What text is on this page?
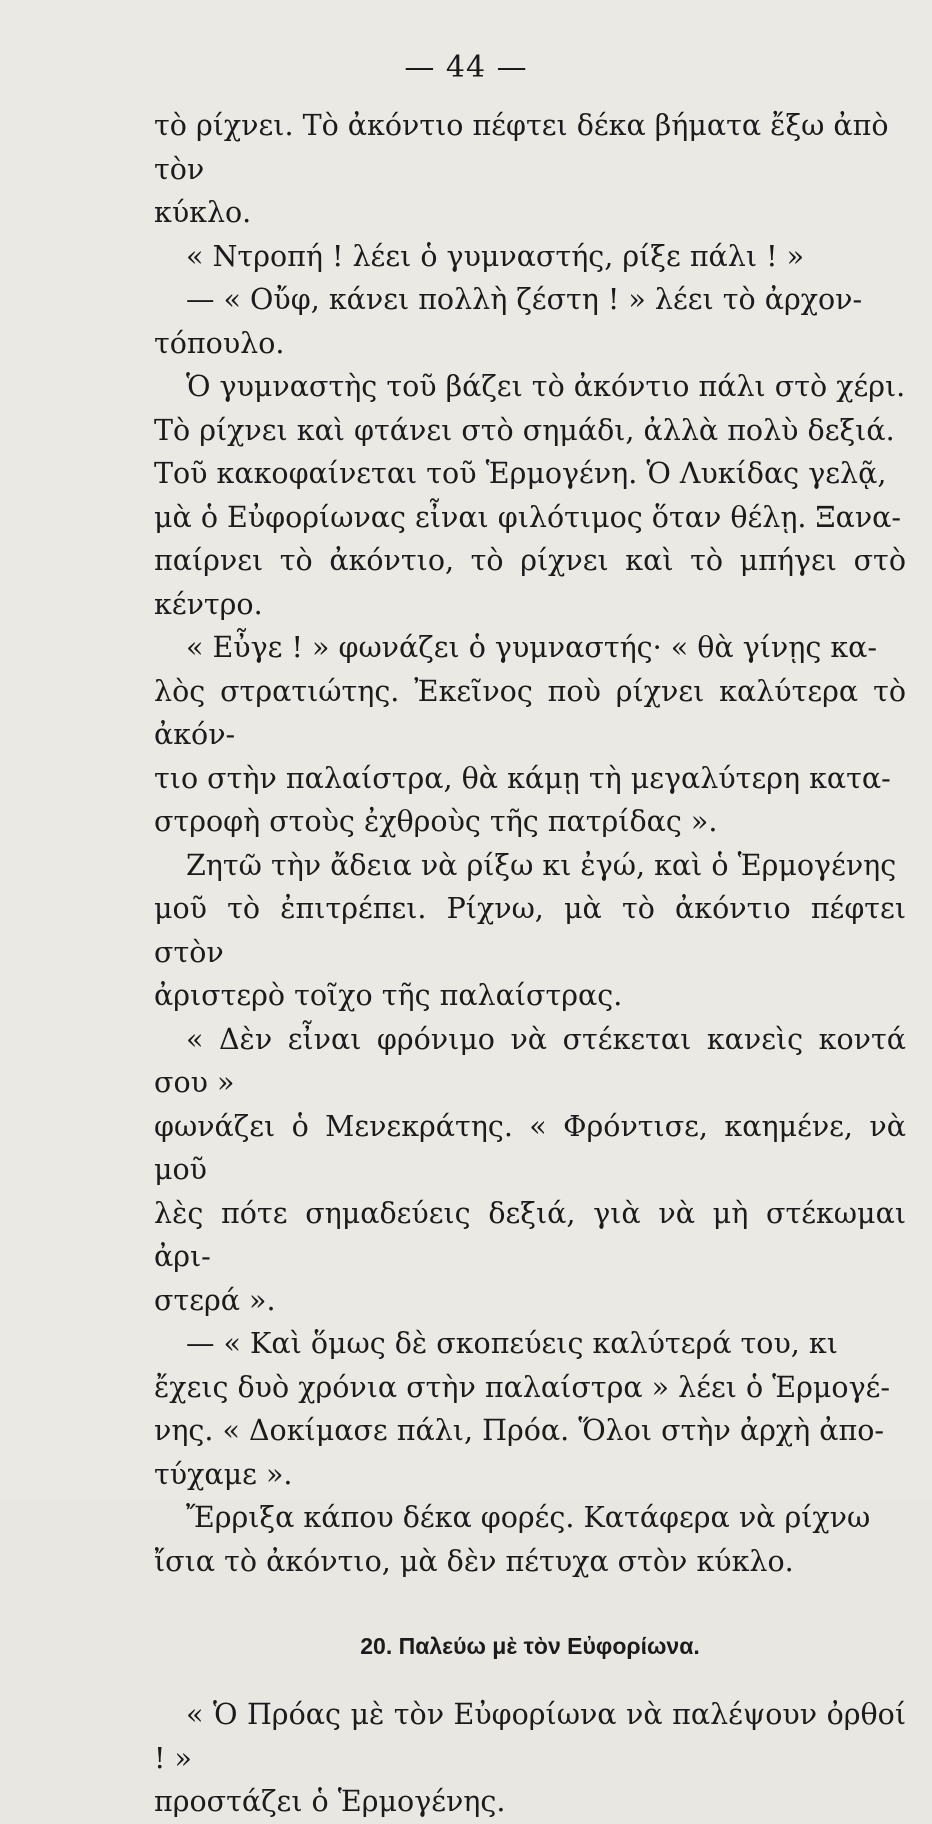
— 44 —

τὸ ρίχνει. Τὸ ἀκόντιο πέφτει δέκα βήματα ἔξω ἀπὸ τὸν

κύκλο.

« Ντροπή ! λέει ὁ γυμναστής, ρίξε πάλι ! »

— « Οὔφ, κάνει πολλὴ ζέστη ! » λέει τὸ ἀρχον-

τόπουλο.

Ὁ γυμναστὴς τοῦ βάζει τὸ ἀκόντιο πάλι στὸ χέρι.

Τὸ ρίχνει καὶ φτάνει στὸ σημάδι, ἀλλὰ πολὺ δεξιά.

Τοῦ κακοφαίνεται τοῦ Ἑρμογένη. Ὁ Λυκίδας γελᾷ,

μὰ ὁ Εὐφορίωνας εἶναι φιλότιμος ὅταν θέλῃ. Ξανα-

παίρνει τὸ ἀκόντιο, τὸ ρίχνει καὶ τὸ μπήγει στὸ κέντρο.

« Εὖγε ! » φωνάζει ὁ γυμναστής· « θὰ γίνῃς κα-

λὸς στρατιώτης. Ἐκεῖνος ποὺ ρίχνει καλύτερα τὸ ἀκόν-

τιο στὴν παλαίστρα, θὰ κάμῃ τὴ μεγαλύτερη κατα-

στροφὴ στοὺς ἐχθροὺς τῆς πατρίδας ».

Ζητῶ τὴν ἄδεια νὰ ρίξω κι ἐγώ, καὶ ὁ Ἑρμογένης

μοῦ τὸ ἐπιτρέπει. Ρίχνω, μὰ τὸ ἀκόντιο πέφτει στὸν

ἀριστερὸ τοῖχο τῆς παλαίστρας.

« Δὲν εἶναι φρόνιμο νὰ στέκεται κανεὶς κοντά σου »

φωνάζει ὁ Μενεκράτης. « Φρόντισε, καημένε, νὰ μοῦ

λὲς πότε σημαδεύεις δεξιά, γιὰ νὰ μὴ στέκωμαι ἀρι-

στερά ».

— « Καὶ ὅμως δὲ σκοπεύεις καλύτερά του, κι

ἔχεις δυὸ χρόνια στὴν παλαίστρα » λέει ὁ Ἑρμογέ-

νης. « Δοκίμασε πάλι, Πρόα. Ὅλοι στὴν ἀρχὴ ἀπο-

τύχαμε ».

Ἔρριξα κάπου δέκα φορές. Κατάφερα νὰ ρίχνω

ἴσια τὸ ἀκόντιο, μὰ δὲν πέτυχα στὸν κύκλο.

20. Παλεύω μὲ τὸν Εὐφορίωνα.

« Ὁ Πρόας μὲ τὸν Εὐφορίωνα νὰ παλέψουν ὀρθοί ! »

προστάζει ὁ Ἑρμογένης.
